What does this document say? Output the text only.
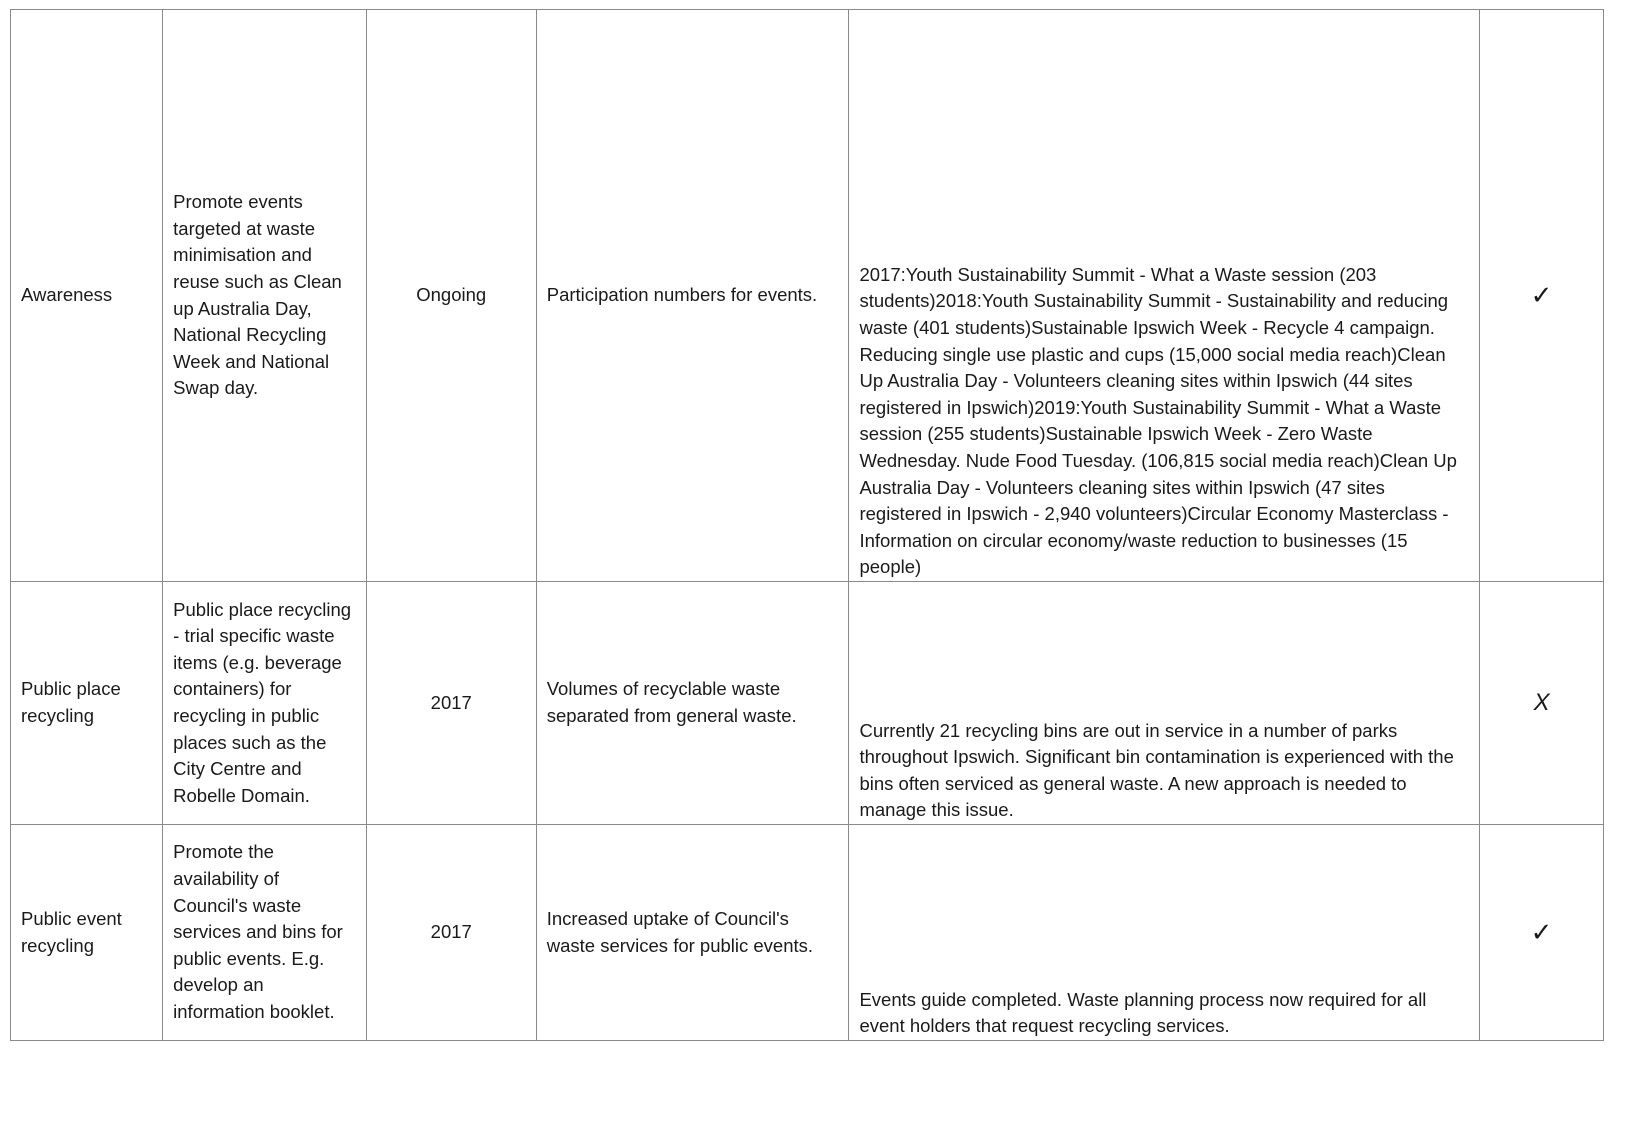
Awareness	Promote events targeted at waste minimisation and reuse such as Clean up Australia Day, National Recycling Week and National Swap day.	Ongoing	Participation numbers for events.	2017:Youth Sustainability Summit - What a Waste session (203 students)2018:Youth Sustainability Summit - Sustainability and reducing waste (401 students)Sustainable Ipswich Week - Recycle 4 campaign. Reducing single use plastic and cups (15,000 social media reach)Clean Up Australia Day - Volunteers cleaning sites within Ipswich (44 sites registered in Ipswich)2019:Youth Sustainability Summit - What a Waste session (255 students)Sustainable Ipswich Week - Zero Waste Wednesday. Nude Food Tuesday. (106,815 social media reach)Clean Up Australia Day - Volunteers cleaning sites within Ipswich (47 sites registered in Ipswich - 2,940 volunteers)Circular Economy Masterclass - Information on circular economy/waste reduction to businesses (15 people)	✓
Public place recycling	Public place recycling - trial specific waste items (e.g. beverage containers) for recycling in public places such as the City Centre and Robelle Domain.	2017	Volumes of recyclable waste separated from general waste.	Currently 21 recycling bins are out in service in a number of parks throughout Ipswich. Significant bin contamination is experienced with the bins often serviced as general waste. A new approach is needed to manage this issue.	X
Public event recycling	Promote the availability of Council's waste services and bins for public events. E.g. develop an information booklet.	2017	Increased uptake of Council's waste services for public events.	Events guide completed. Waste planning process now required for all event holders that request recycling services.	✓
